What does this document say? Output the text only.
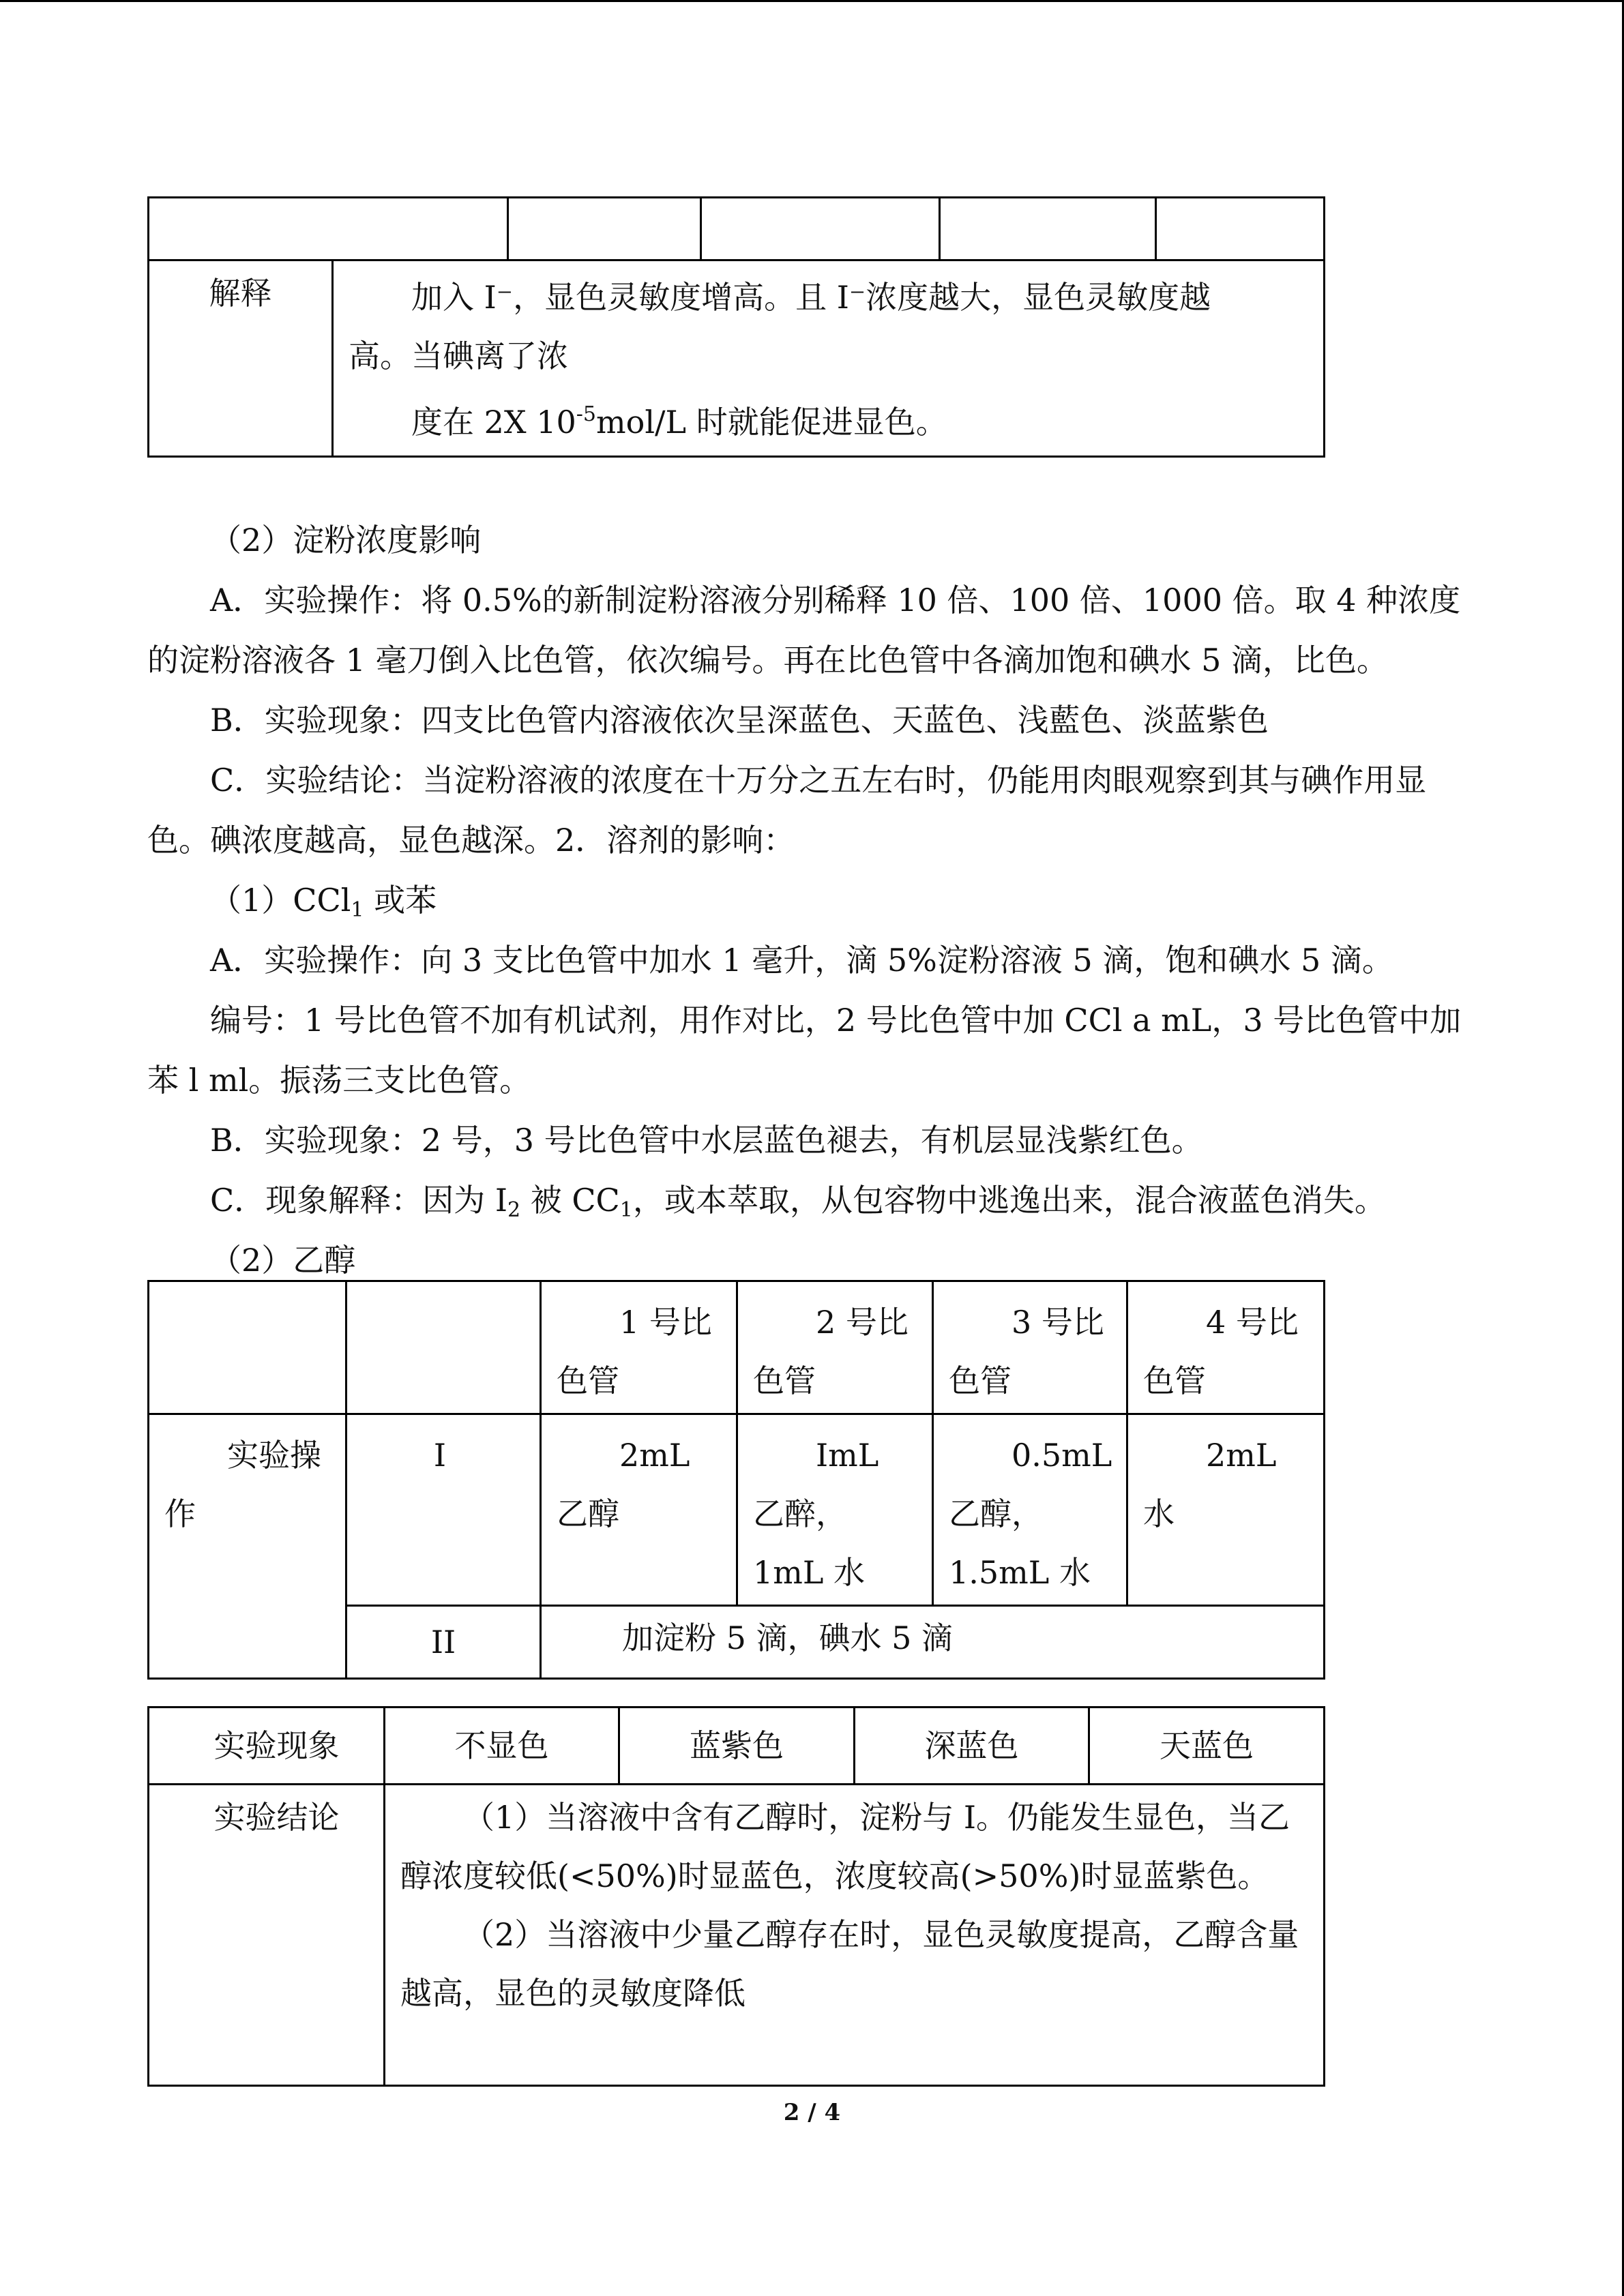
解释	加入 I⁻，显色灵敏度增高。且 I⁻浓度越大，显色灵敏度越
高。当碘离了浓
度在 2X $10^{-5}mol/L$ 时就能促进显色。				

（2）淀粉浓度影响

A．实验操作：将 0.5%的新制淀粉溶液分别稀释 10 倍、100 倍、1000 倍。取 4 种浓度的淀粉溶液各 1 毫刀倒入比色管，依次编号。再在比色管中各滴加饱和碘水 5 滴，比色。

B．实验现象：四支比色管内溶液依次呈深蓝色、天蓝色、浅藍色、淡蓝紫色

C．实验结论：当淀粉溶液的浓度在十万分之五左右时，仍能用肉眼观察到其与碘作用显色。碘浓度越高，显色越深。2．溶剂的影响：

（1）CCl$_1$ 或苯

A．实验操作：向 3 支比色管中加水 1 毫升，滴 5%淀粉溶液 5 滴，饱和碘水 5 滴。

编号：1 号比色管不加有机试剂，用作对比，2 号比色管中加 CCl a mL，3 号比色管中加苯 l ml。振荡三支比色管。

B．实验现象：2 号，3 号比色管中水层蓝色褪去，有机层显浅紫红色。

C．现象解释：因为 $I_2$ 被 $CC_1$，或本萃取，从包容物中逃逸出来，混合液蓝色消失。

（2）乙醇

		1 号比色管	2 号比色管	3 号比色管	4 号比色管
实验操作	I	2mL 乙醇	ImL 乙醉，1mL 水	0.5mL 乙醇，1.5mL 水	2mL 水
	II	加淀粉 5 滴，碘水 5 滴			
实验现象	不显色	蓝紫色	深蓝色	天蓝色
实验结论	（1）当溶液中含有乙醇时，淀粉与 I。仍能发生显色，当乙醇浓度较低(<50%)时显蓝色，浓度较高(>50%)时显蓝紫色。
（2）当溶液中少量乙醇存在时，显色灵敏度提高，乙醇含量越高，显色的灵敏度降低			
2 / 4
